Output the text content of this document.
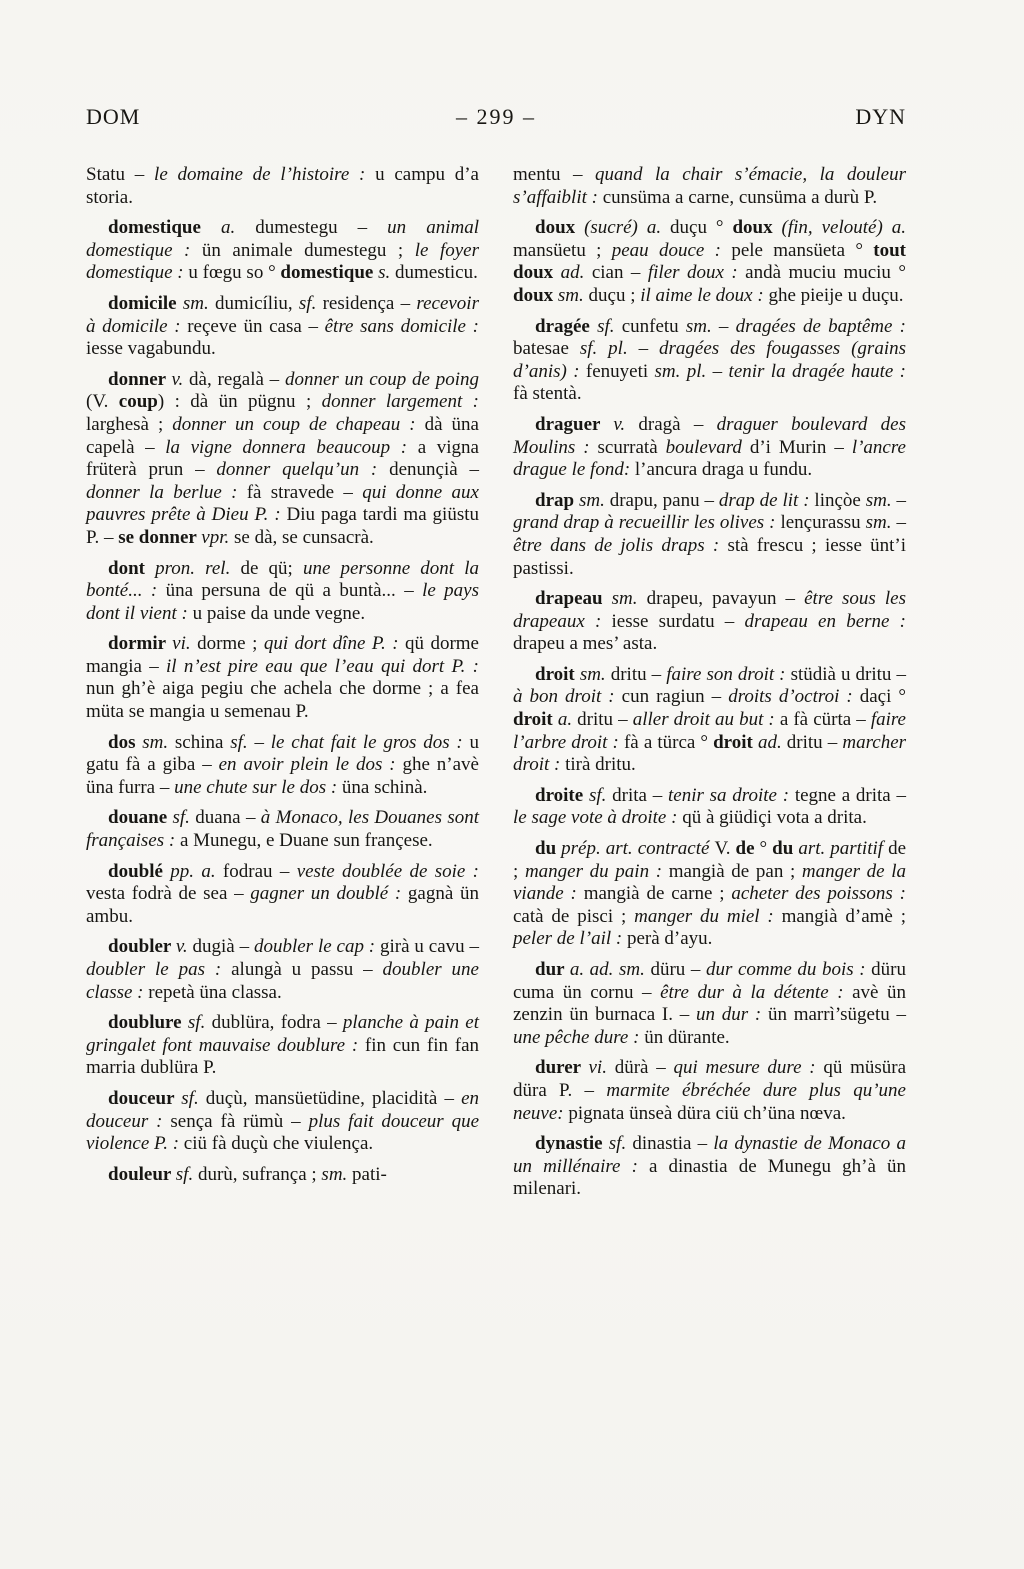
DOM	– 299 –	DYN

Statu – le domaine de l’histoire : u campu d’a storia.

domestique a. dumestegu – un animal domestique : ün animale dumestegu ; le foyer domestique : u fœgu so ° domestique s. dumesticu.

domicile sm. dumicíliu, sf. residença – recevoir à domicile : reçeve ün casa – être sans domicile : iesse vagabundu.

donner v. dà, regalà – donner un coup de poing (V. coup) : dà ün pügnu ; donner largement : larghesà ; donner un coup de chapeau : dà üna capelà – la vigne donnera beaucoup : a vigna früterà prun – donner quelqu’un : denunçià – donner la berlue : fà stravede – qui donne aux pauvres prête à Dieu P. : Diu paga tardi ma giüstu P. – se donner vpr. se dà, se cunsacrà.

dont pron. rel. de qü; une personne dont la bonté... : üna persuna de qü a buntà... – le pays dont il vient : u paise da unde vegne.

dormir vi. dorme ; qui dort dîne P. : qü dorme mangia – il n’est pire eau que l’eau qui dort P. : nun gh’è aiga pegiu che achela che dorme ; a fea müta se mangia u semenau P.

dos sm. schina sf. – le chat fait le gros dos : u gatu fà a giba – en avoir plein le dos : ghe n’avè üna furra – une chute sur le dos : üna schinà.

douane sf. duana – à Monaco, les Douanes sont françaises : a Munegu, e Duane sun françese.

doublé pp. a. fodrau – veste doublée de soie : vesta fodrà de sea – gagner un doublé : gagnà ün ambu.

doubler v. dugià – doubler le cap : girà u cavu – doubler le pas : alungà u passu – doubler une classe : repetà üna classa.

doublure sf. dublüra, fodra – planche à pain et gringalet font mauvaise doublure : fin cun fin fan marria dublüra P.

douceur sf. duçù, mansüetüdine, placidità – en douceur : sença fà rümù – plus fait douceur que violence P. : ciü fà duçù che viulença.

douleur sf. durù, sufrança ; sm. pati-

mentu – quand la chair s’émacie, la douleur s’affaiblit : cunsüma a carne, cunsüma a durù P.

doux (sucré) a. duçu ° doux (fin, velouté) a. mansüetu ; peau douce : pele mansüeta ° tout doux ad. cian – filer doux : andà muciu muciu ° doux sm. duçu ; il aime le doux : ghe pieije u duçu.

dragée sf. cunfetu sm. – dragées de baptême : batesae sf. pl. – dragées des fougasses (grains d’anis) : fenuyeti sm. pl. – tenir la dragée haute : fà stentà.

draguer v. dragà – draguer boulevard des Moulins : scurratà boulevard d’i Murin – l’ancre drague le fond: l’ancura draga u fundu.

drap sm. drapu, panu – drap de lit : linçòe sm. – grand drap à recueillir les olives : lençurassu sm. – être dans de jolis draps : stà frescu ; iesse ünt’i pastissi.

drapeau sm. drapeu, pavayun – être sous les drapeaux : iesse surdatu – drapeau en berne : drapeu a mes’ asta.

droit sm. dritu – faire son droit : stüdià u dritu – à bon droit : cun ragiun – droits d’octroi : daçi ° droit a. dritu – aller droit au but : a fà cürta – faire l’arbre droit : fà a türca ° droit ad. dritu – marcher droit : tirà dritu.

droite sf. drita – tenir sa droite : tegne a drita – le sage vote à droite : qü à giüdiçi vota a drita.

du prép. art. contracté V. de ° du art. partitif de ; manger du pain : mangià de pan ; manger de la viande : mangià de carne ; acheter des poissons : catà de pisci ; manger du miel : mangià d’amè ; peler de l’ail : perà d’ayu.

dur a. ad. sm. düru – dur comme du bois : düru cuma ün cornu – être dur à la détente : avè ün zenzin ün burnaca I. – un dur : ün marrì’sügetu – une pêche dure : ün dürante.

durer vi. dürà – qui mesure dure : qü müsüra düra P. – marmite ébréchée dure plus qu’une neuve: pignata ünseà düra ciü ch’üna nœva.

dynastie sf. dinastia – la dynastie de Monaco a un millénaire : a dinastia de Munegu gh’à ün milenari.
